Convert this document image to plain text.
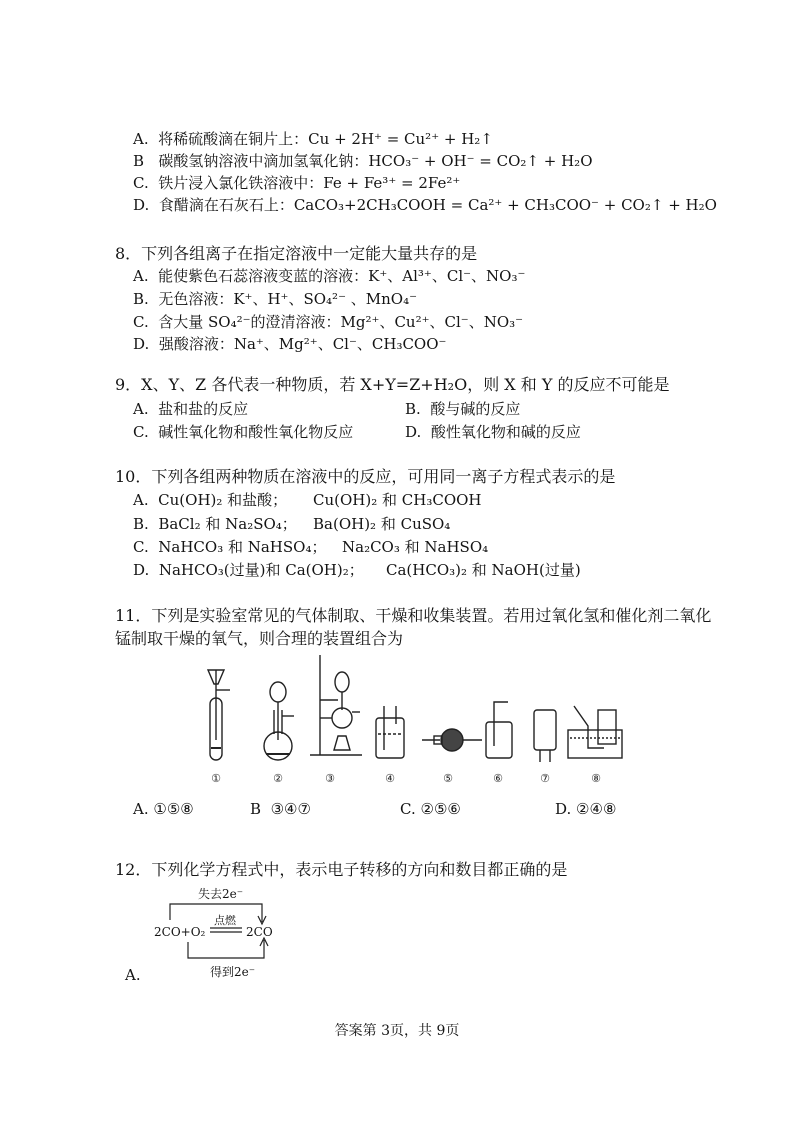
A. 将稀硫酸滴在铜片上：Cu + 2H⁺ = Cu²⁺ + H₂↑
B 碳酸氢钠溶液中滴加氢氧化钠：HCO₃⁻ + OH⁻ = CO₂↑ + H₂O
C. 铁片浸入氯化铁溶液中：Fe + Fe³⁺ = 2Fe²⁺
D. 食醋滴在石灰石上：CaCO₃+2CH₃COOH = Ca²⁺ + CH₃COO⁻ + CO₂↑ + H₂O
8．下列各组离子在指定溶液中一定能大量共存的是
A. 能使紫色石蕊溶液变蓝的溶液：K⁺、Al³⁺、Cl⁻、NO₃⁻
B. 无色溶液：K⁺、H⁺、SO₄²⁻ 、MnO₄⁻
C. 含大量 SO₄²⁻的澄清溶液：Mg²⁺、Cu²⁺、Cl⁻、NO₃⁻
D. 强酸溶液：Na⁺、Mg²⁺、Cl⁻、CH₃COO⁻
9．X、Y、Z 各代表一种物质，若 X+Y=Z+H₂O，则 X 和 Y 的反应不可能是
A. 盐和盐的反应	B. 酸与碱的反应
C. 碱性氧化物和酸性氧化物反应	D. 酸性氧化物和碱的反应
10．下列各组两种物质在溶液中的反应，可用同一离子方程式表示的是
A. Cu(OH)₂ 和盐酸； Cu(OH)₂ 和 CH₃COOH
B. BaCl₂ 和 Na₂SO₄； Ba(OH)₂ 和 CuSO₄
C. NaHCO₃ 和 NaHSO₄； Na₂CO₃ 和 NaHSO₄
D. NaHCO₃(过量)和 Ca(OH)₂； Ca(HCO₃)₂ 和 NaOH(过量)
11．下列是实验室常见的气体制取、干燥和收集装置。若用过氧化氢和催化剂二氧化
锰制取干燥的氧气，则合理的装置组合为
①	②	③	④	⑤	⑥	⑦	⑧
A. ①⑤⑧	B ③④⑦	C. ②⑤⑥	D. ②④⑧
12．下列化学方程式中，表示电子转移的方向和数目都正确的是
失去2e⁻
点燃
2CO+O₂	2CO
得到2e⁻
A.
答案第 3页，共 9页
